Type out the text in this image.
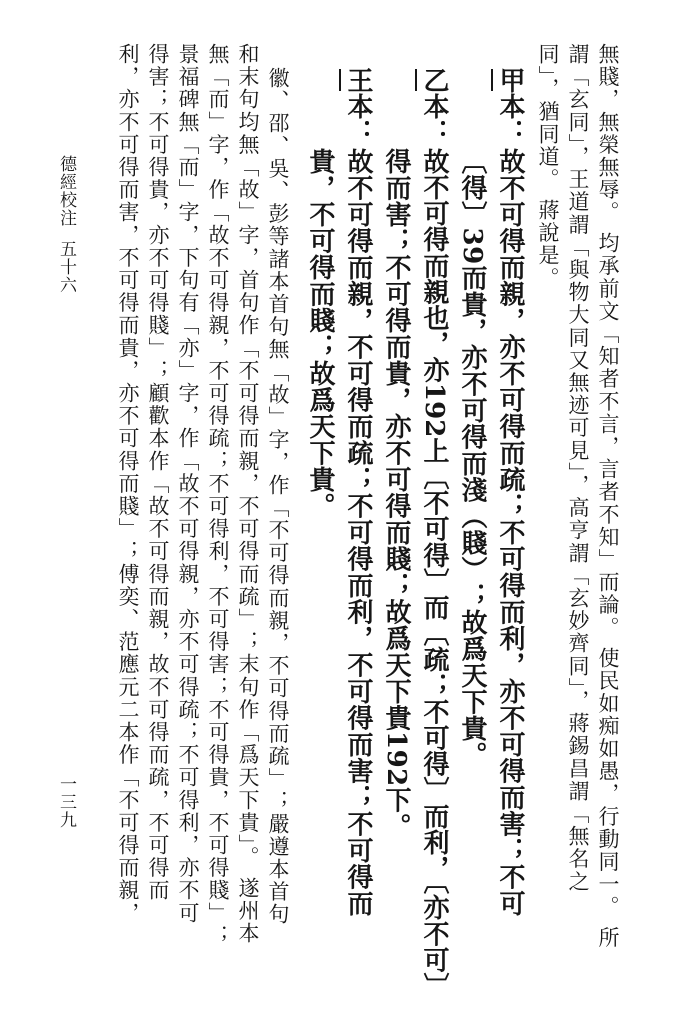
無賤，無榮無辱。 均承前文「知者不言，言者不知」而論。 使民如痴如愚，行動同一。 所

謂「玄同」，王道謂「與物大同又無迹可見」，高亨謂「玄妙齊同」，蔣錫昌謂「無名之

同」，猶同道。 蔣說是。

甲本：

故不可得而親，亦不可得而疏；不可得而利，亦不可得而害；不可

〔得〕39而貴，亦不可得而淺（賤）；故爲天下貴。

乙本：

故不可得而親也，亦192上〔不可得〕而〔疏；不可得〕而利，〔亦不可〕

得而害；不可得而貴，亦不可得而賤；故爲天下貴192下。

王本：

故不可得而親，不可得而疏；不可得而利，不可得而害；不可得而

貴，不可得而賤；故爲天下貴。

徽、邵、吳、彭等諸本首句無「故」字，作「不可得而親，不可得而疏」；嚴遵本首句

和末句均無「故」字，首句作「不可得而親，不可得而疏」；末句作「爲天下貴」。 遂州本

無「而」字，作「故不可得親，不可得疏；不可得利，不可得害；不可得貴，不可得賤」；

景福碑無「而」字，下句有「亦」字，作「故不可得親，亦不可得疏；不可得利，亦不可

得害；不可得貴，亦不可得賤」；顧歡本作「故不可得而親，故不可得而疏，不可得而

利，亦不可得而害，不可得而貴，亦不可得而賤」；傅奕、范應元二本作「不可得而親，

德經校注
五十六
一三九
